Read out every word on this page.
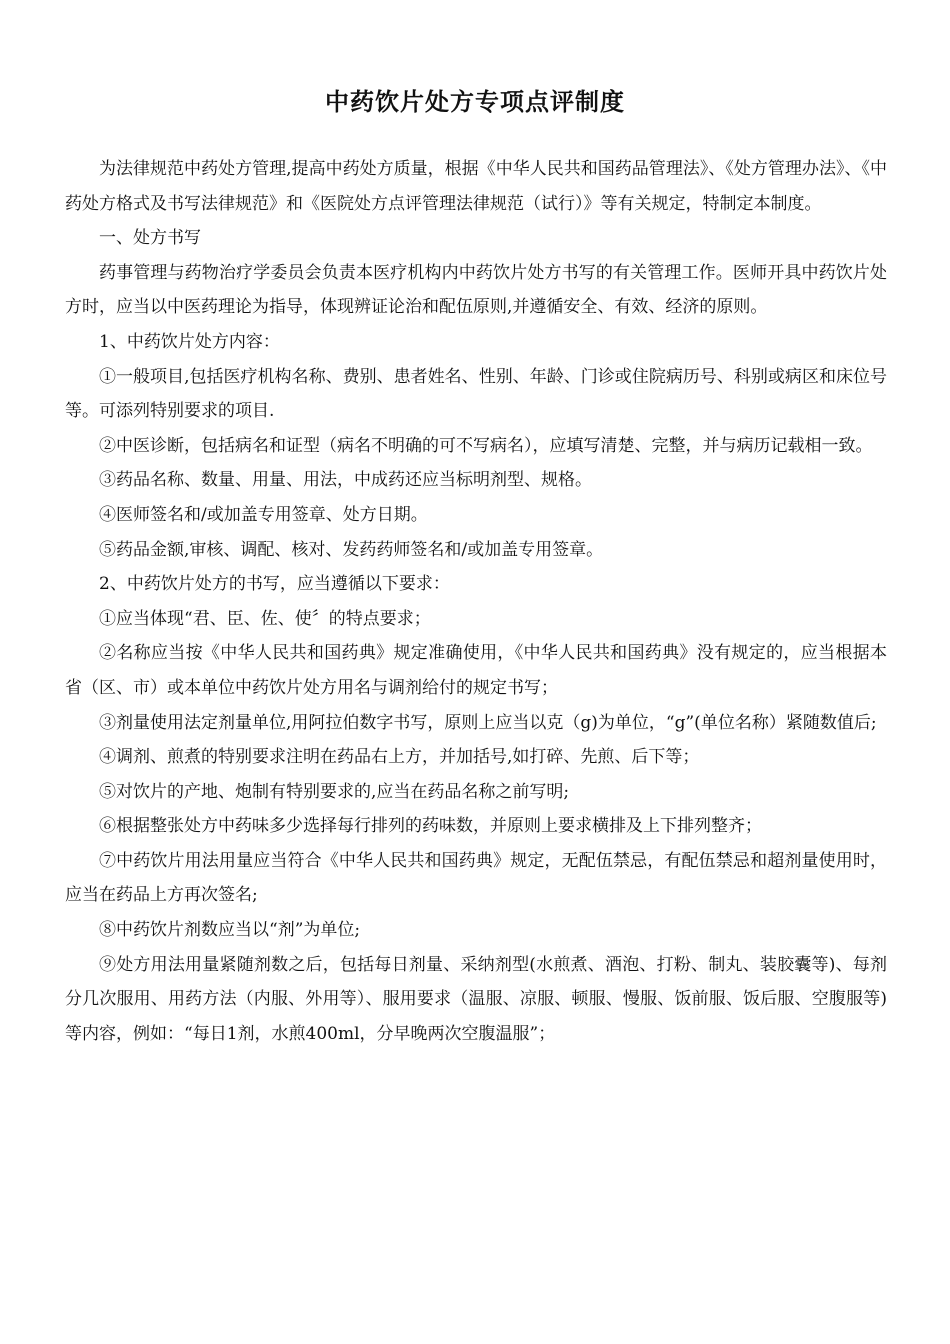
中药饮片处方专项点评制度

为法律规范中药处方管理,提高中药处方质量，根据《中华人民共和国药品管理法》、《处方管理办法》、《中药处方格式及书写法律规范》和《医院处方点评管理法律规范（试行）》等有关规定，特制定本制度。

一、处方书写

药事管理与药物治疗学委员会负责本医疗机构内中药饮片处方书写的有关管理工作。医师开具中药饮片处方时，应当以中医药理论为指导，体现辨证论治和配伍原则,并遵循安全、有效、经济的原则。

1、中药饮片处方内容：

①一般项目,包括医疗机构名称、费别、患者姓名、性别、年龄、门诊或住院病历号、科别或病区和床位号等。可添列特别要求的项目.

②中医诊断，包括病名和证型（病名不明确的可不写病名），应填写清楚、完整，并与病历记载相一致。

③药品名称、数量、用量、用法，中成药还应当标明剂型、规格。

④医师签名和/或加盖专用签章、处方日期。

⑤药品金额,审核、调配、核对、发药药师签名和/或加盖专用签章。

2、中药饮片处方的书写，应当遵循以下要求：

①应当体现“君、臣、佐、使〞的特点要求；

②名称应当按《中华人民共和国药典》规定准确使用，《中华人民共和国药典》没有规定的，应当根据本省（区、市）或本单位中药饮片处方用名与调剂给付的规定书写；

③剂量使用法定剂量单位,用阿拉伯数字书写，原则上应当以克（g)为单位，“g”(单位名称）紧随数值后;

④调剂、煎煮的特别要求注明在药品右上方，并加括号,如打碎、先煎、后下等；

⑤对饮片的产地、炮制有特别要求的,应当在药品名称之前写明;

⑥根据整张处方中药味多少选择每行排列的药味数，并原则上要求横排及上下排列整齐；

⑦中药饮片用法用量应当符合《中华人民共和国药典》规定，无配伍禁忌，有配伍禁忌和超剂量使用时，应当在药品上方再次签名;

⑧中药饮片剂数应当以“剂”为单位;

⑨处方用法用量紧随剂数之后，包括每日剂量、采纳剂型(水煎煮、酒泡、打粉、制丸、装胶囊等)、每剂分几次服用、用药方法（内服、外用等）、服用要求（温服、凉服、顿服、慢服、饭前服、饭后服、空腹服等)等内容，例如：“每日1剂，水煎400ml，分早晚两次空腹温服”；
